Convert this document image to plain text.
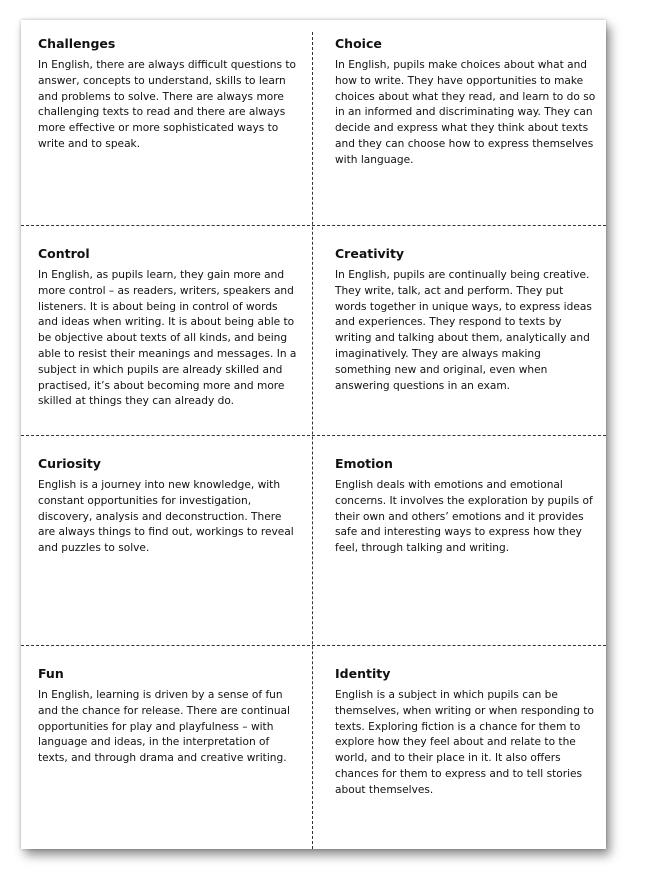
Challenges

In English, there are always difficult questions to answer, concepts to understand, skills to learn and problems to solve. There are always more challenging texts to read and there are always more effective or more sophisticated ways to write and to speak.

Choice

In English, pupils make choices about what and how to write. They have opportunities to make choices about what they read, and learn to do so in an informed and discriminating way. They can decide and express what they think about texts and they can choose how to express themselves with language.

Control

In English, as pupils learn, they gain more and more control – as readers, writers, speakers and listeners. It is about being in control of words and ideas when writing. It is about being able to be objective about texts of all kinds, and being able to resist their meanings and messages. In a subject in which pupils are already skilled and practised, it’s about becoming more and more skilled at things they can already do.

Creativity

In English, pupils are continually being creative. They write, talk, act and perform. They put words together in unique ways, to express ideas and experiences. They respond to texts by writing and talking about them, analytically and imaginatively. They are always making something new and original, even when answering questions in an exam.

Curiosity

English is a journey into new knowledge, with constant opportunities for investigation, discovery, analysis and deconstruction. There are always things to find out, workings to reveal and puzzles to solve.

Emotion

English deals with emotions and emotional concerns. It involves the exploration by pupils of their own and others’ emotions and it provides safe and interesting ways to express how they feel, through talking and writing.

Fun

In English, learning is driven by a sense of fun and the chance for release. There are continual opportunities for play and playfulness – with language and ideas, in the interpretation of texts, and through drama and creative writing.

Identity

English is a subject in which pupils can be themselves, when writing or when responding to texts. Exploring fiction is a chance for them to explore how they feel about and relate to the world, and to their place in it. It also offers chances for them to express and to tell stories about themselves.
